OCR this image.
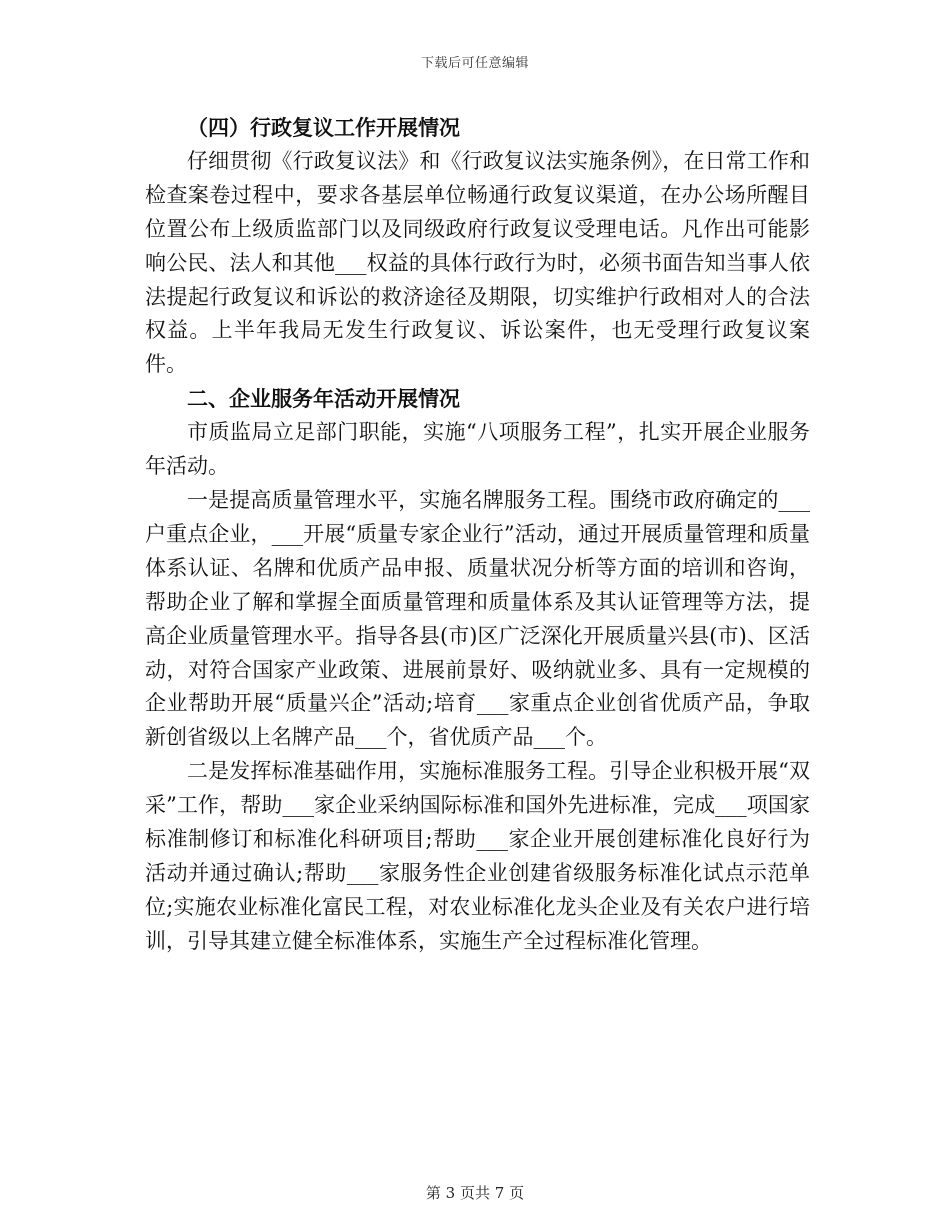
下载后可任意编辑

（四）行政复议工作开展情况

仔细贯彻《行政复议法》和《行政复议法实施条例》，在日常工作和检查案卷过程中，要求各基层单位畅通行政复议渠道，在办公场所醒目位置公布上级质监部门以及同级政府行政复议受理电话。凡作出可能影响公民、法人和其他___权益的具体行政行为时，必须书面告知当事人依法提起行政复议和诉讼的救济途径及期限，切实维护行政相对人的合法权益。上半年我局无发生行政复议、诉讼案件，也无受理行政复议案件。

二、企业服务年活动开展情况

市质监局立足部门职能，实施“八项服务工程”，扎实开展企业服务年活动。

一是提高质量管理水平，实施名牌服务工程。围绕市政府确定的___户重点企业，___开展“质量专家企业行”活动，通过开展质量管理和质量体系认证、名牌和优质产品申报、质量状况分析等方面的培训和咨询，帮助企业了解和掌握全面质量管理和质量体系及其认证管理等方法，提高企业质量管理水平。指导各县(市)区广泛深化开展质量兴县(市)、区活动，对符合国家产业政策、进展前景好、吸纳就业多、具有一定规模的企业帮助开展“质量兴企”活动;培育___家重点企业创省优质产品，争取新创省级以上名牌产品___个，省优质产品___个。

二是发挥标准基础作用，实施标准服务工程。引导企业积极开展“双采”工作，帮助___家企业采纳国际标准和国外先进标准，完成___项国家标准制修订和标准化科研项目;帮助___家企业开展创建标准化良好行为活动并通过确认;帮助___家服务性企业创建省级服务标准化试点示范单位;实施农业标准化富民工程，对农业标准化龙头企业及有关农户进行培训，引导其建立健全标准体系，实施生产全过程标准化管理。

第 3 页共 7 页
